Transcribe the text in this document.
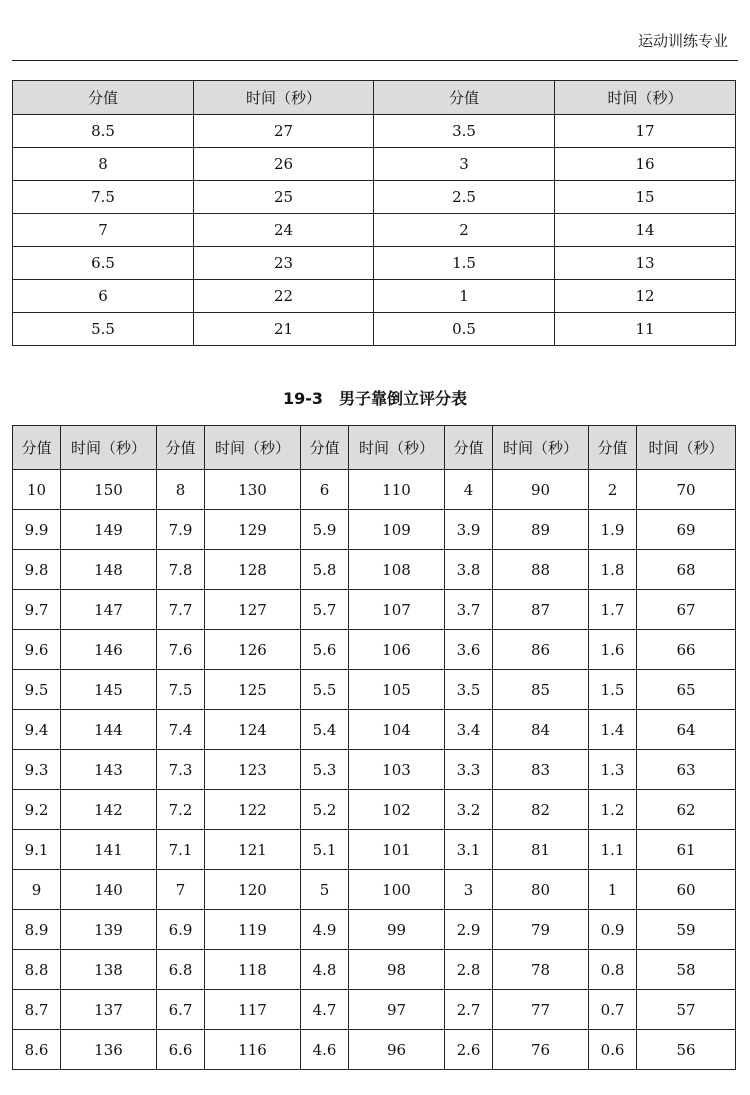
运动训练专业
分值	时间（秒）	分值	时间（秒）
8.5	27	3.5	17
8	26	3	16
7.5	25	2.5	15
7	24	2	14
6.5	23	1.5	13
6	22	1	12
5.5	21	0.5	11
19-3　男子靠倒立评分表
分值	时间（秒）	分值	时间（秒）	分值	时间（秒）	分值	时间（秒）	分值	时间（秒）
10	150	8	130	6	110	4	90	2	70
9.9	149	7.9	129	5.9	109	3.9	89	1.9	69
9.8	148	7.8	128	5.8	108	3.8	88	1.8	68
9.7	147	7.7	127	5.7	107	3.7	87	1.7	67
9.6	146	7.6	126	5.6	106	3.6	86	1.6	66
9.5	145	7.5	125	5.5	105	3.5	85	1.5	65
9.4	144	7.4	124	5.4	104	3.4	84	1.4	64
9.3	143	7.3	123	5.3	103	3.3	83	1.3	63
9.2	142	7.2	122	5.2	102	3.2	82	1.2	62
9.1	141	7.1	121	5.1	101	3.1	81	1.1	61
9	140	7	120	5	100	3	80	1	60
8.9	139	6.9	119	4.9	99	2.9	79	0.9	59
8.8	138	6.8	118	4.8	98	2.8	78	0.8	58
8.7	137	6.7	117	4.7	97	2.7	77	0.7	57
8.6	136	6.6	116	4.6	96	2.6	76	0.6	56
